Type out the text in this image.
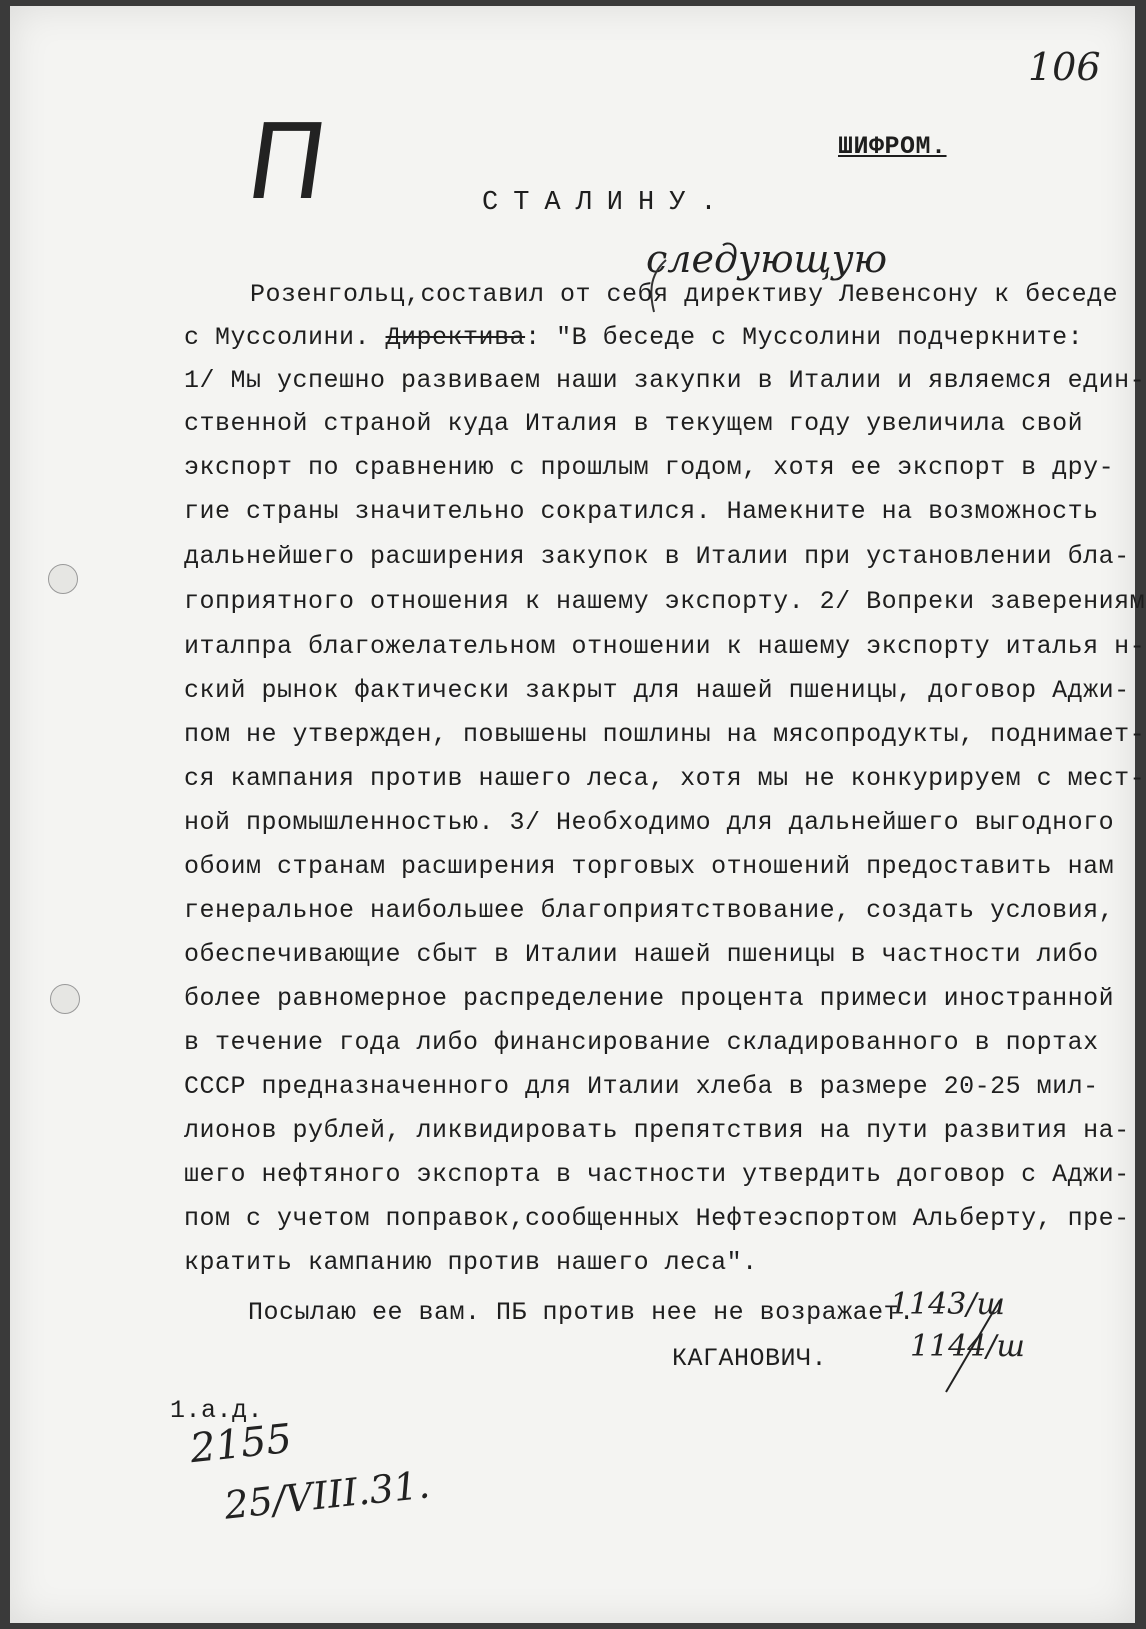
106
П	ШИФРОМ.
СТАЛИНУ.
следующую
Розенгольц,составил от себя директиву Левенсону к беседе
с Муссолини. Директива: "В беседе с Муссолини подчеркните:
1/ Мы успешно развиваем наши закупки в Италии и являемся един-
ственной страной куда Италия в текущем году увеличила свой
экспорт по сравнению с прошлым годом, хотя ее экспорт в дру-
гие страны значительно сократился. Намекните на возможность
дальнейшего расширения закупок в Италии при установлении бла-
гоприятного отношения к нашему экспорту. 2/ Вопреки заверениям
италпра благожелательном отношении к нашему экспорту италья н-
ский рынок фактически закрыт для нашей пшеницы, договор Аджи-
пом не утвержден, повышены пошлины на мясопродукты, поднимает-
ся кампания против нашего леса, хотя мы не конкурируем с мест-
ной промышленностью. 3/ Необходимо для дальнейшего выгодного
обоим странам расширения торговых отношений предоставить нам
генеральное наибольшее благоприятствование, создать условия,
обеспечивающие сбыт в Италии нашей пшеницы в частности либо
более равномерное распределение процента примеси иностранной
в течение года либо финансирование складированного в портах
СССР предназначенного для Италии хлеба в размере 20-25 мил-
лионов рублей, ликвидировать препятствия на пути развития на-
шего нефтяного экспорта в частности утвердить договор с Аджи-
пом с учетом поправок,сообщенных Нефтеэспортом Альберту, пре-
кратить кампанию против нашего леса".
Посылаю ее вам. ПБ против нее не возражает.
1143/ш
1144/ш
КАГАНОВИЧ.
1.а.д.
2155
25/VIII.31.
